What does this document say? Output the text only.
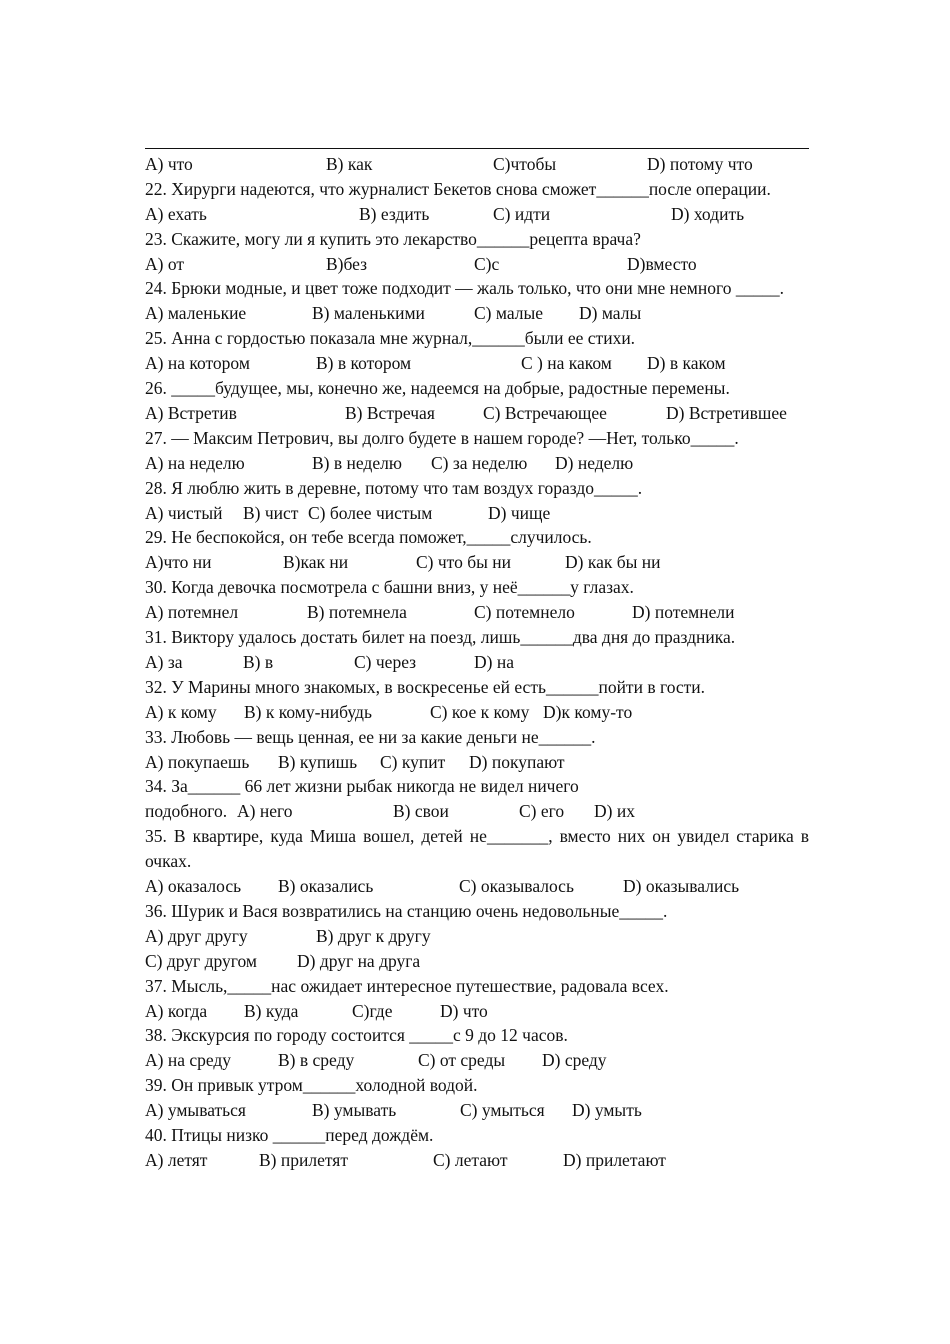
A) что	B) как	C)чтобы	D) потому что
22. Хирурги надеются, что журналист Бекетов снова сможет______после операции.
A) ехать	B) ездить	C) идти	D) ходить
23. Скажите, могу ли я купить это лекарство______рецепта врача?
A) от	B)без	C)с	D)вместо
24. Брюки модные, и цвет тоже подходит — жаль только, что они мне немного _____.
A) маленькие	B) маленькими	C) малые D) малы
25. Анна с гордостью показала мне журнал,______были ее стихи.
A) на котором	B) в котором	C ) на каком D) в каком
26. _____будущее, мы, конечно же, надеемся на добрые, радостные перемены.
A) Встретив	B) Встречая	C) Встречающее	D) Встретившее
27. — Максим Петрович, вы долго будете в нашем городе? —Нет, только_____.
A) на неделю	B) в неделю C) за неделю D) неделю
28. Я люблю жить в деревне, потому что там воздух гораздо_____.
A) чистый B) чист C) более чистым	D) чище
29. Не беспокойся, он тебе всегда поможет,_____случилось.
A)что ни	B)как ни	C) что бы ни	D) как бы ни
30. Когда девочка посмотрела с башни вниз, у неё______у глазах.
A) потемнел	B) потемнела	C) потемнело	D) потемнели
31. Виктору удалось достать билет на поезд, лишь______два дня до праздника.
A) за	B) в	C) через	D) на
32. У Марины много знакомых, в воскресенье ей есть______пойти в гости.
A) к кому B) к кому-нибудь	C) кое к кому D)к кому-то
33. Любовь — вещь ценная, ее ни за какие деньги не______.
A) покупаешь B) купишь C) купит D) покупают
34. За______ 66 лет жизни рыбак никогда не видел ничего
подобного. A) него	B) свои	C) его D) их
35. В квартире, куда Миша вошел, детей не_______, вместо них он увидел старика в очках.
A) оказалось B) оказались	C) оказывалось	D) оказывались
36. Шурик и Вася возвратились на станцию очень недовольные_____.
A) друг другу	B) друг к другу
C) друг другом D) друг на друга
37. Мысль,_____нас ожидает интересное путешествие, радовала всех.
A) когда B) куда	C)где	D) что
38. Экскурсия по городу состоится _____с 9 до 12 часов.
A) на среду	B) в среду	C) от среды D) среду
39. Он привык утром______холодной водой.
A) умываться	B) умывать	C) умыться D) умыть
40. Птицы низко ______перед дождём.
A) летят	B) прилетят	C) летают	D) прилетают
